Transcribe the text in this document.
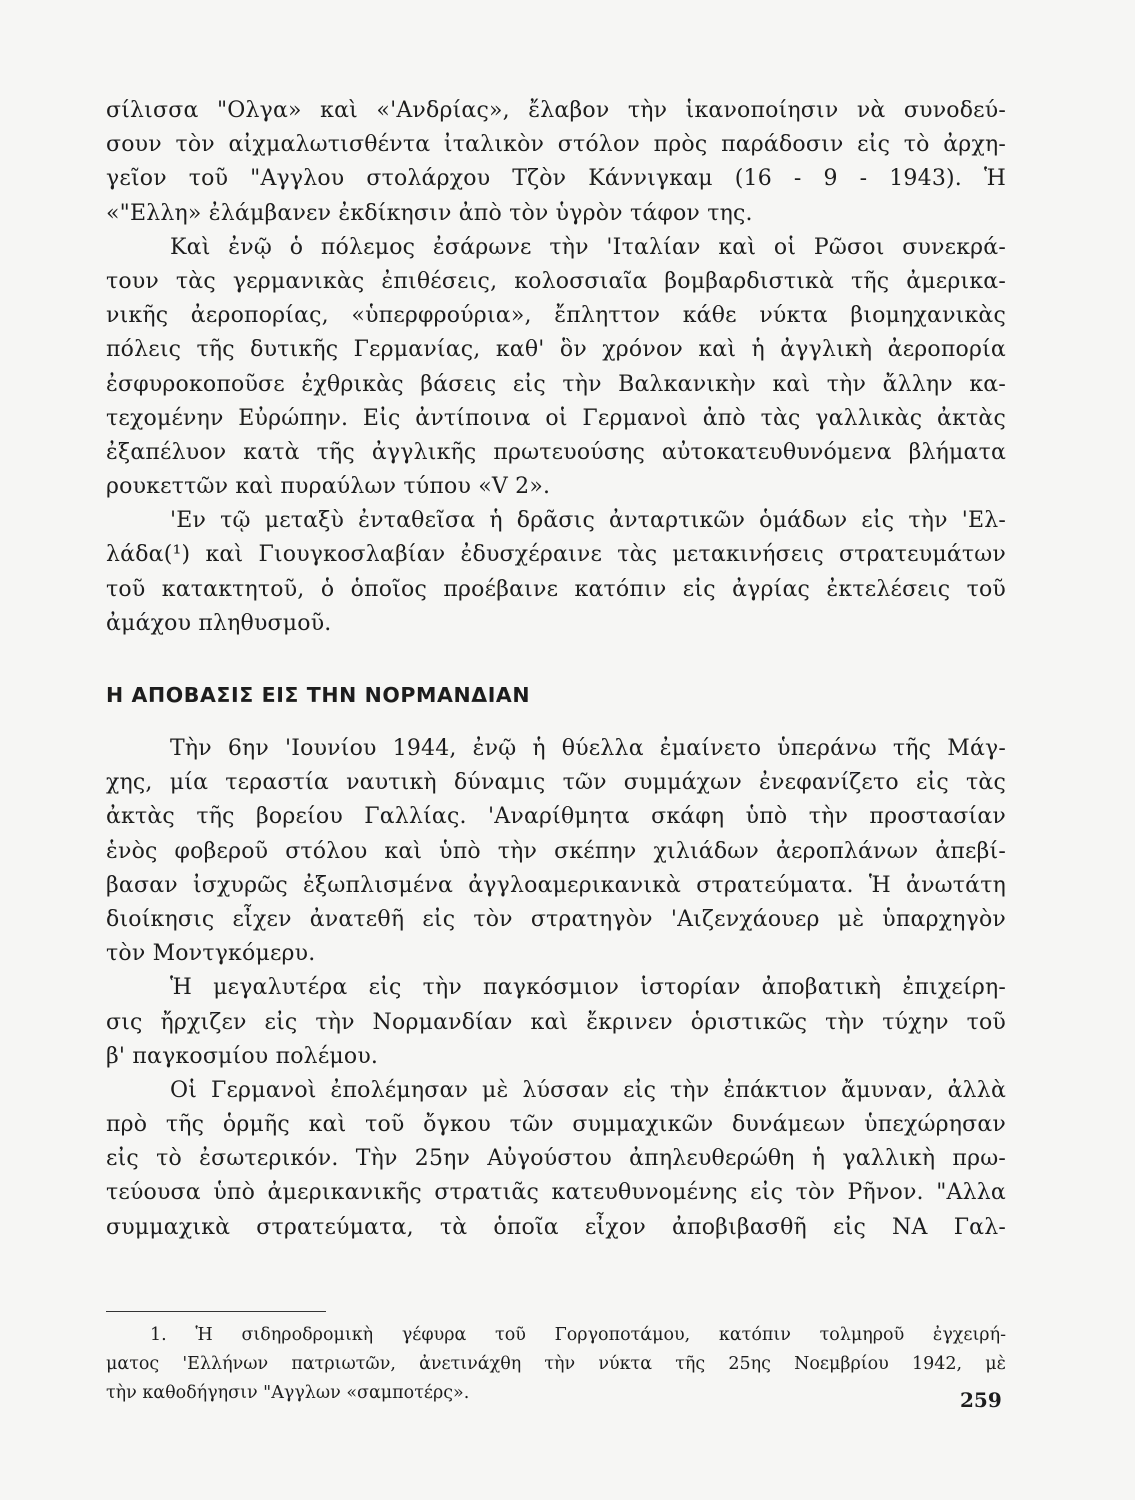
σίλισσα "Ολγα» καὶ «'Ανδρίας», ἔλαβον τὴν ἱκανοποίησιν νὰ συνοδεύ-
σουν τὸν αἰχμαλωτισθέντα ἰταλικὸν στόλον πρὸς παράδοσιν εἰς τὸ ἀρχη-
γεῖον τοῦ "Αγγλου στολάρχου Τζὸν Κάννιγκαμ (16 - 9 - 1943). Ἡ
«"Ελλη» ἐλάμβανεν ἐκδίκησιν ἀπὸ τὸν ὑγρὸν τάφον της.
Καὶ ἐνῷ ὁ πόλεμος ἐσάρωνε τὴν 'Ιταλίαν καὶ οἱ Ρῶσοι συνεκρά-
τουν τὰς γερμανικὰς ἐπιθέσεις, κολοσσιαῖα βομβαρδιστικὰ τῆς ἀμερικα-
νικῆς ἀεροπορίας, «ὑπερφρούρια», ἔπληττον κάθε νύκτα βιομηχανικὰς
πόλεις τῆς δυτικῆς Γερμανίας, καθ' ὃν χρόνον καὶ ἡ ἀγγλικὴ ἀεροπορία
ἐσφυροκοποῦσε ἐχθρικὰς βάσεις εἰς τὴν Βαλκανικὴν καὶ τὴν ἄλλην κα-
τεχομένην Εὐρώπην. Εἰς ἀντίποινα οἱ Γερμανοὶ ἀπὸ τὰς γαλλικὰς ἀκτὰς
ἐξαπέλυον κατὰ τῆς ἀγγλικῆς πρωτευούσης αὐτοκατευθυνόμενα βλήματα
ρουκεττῶν καὶ πυραύλων τύπου «V 2».
'Εν τῷ μεταξὺ ἐνταθεῖσα ἡ δρᾶσις ἀνταρτικῶν ὁμάδων εἰς τὴν 'Ελ-
λάδα(¹) καὶ Γιουγκοσλαβίαν ἐδυσχέραινε τὰς μετακινήσεις στρατευμάτων
τοῦ κατακτητοῦ, ὁ ὁποῖος προέβαινε κατόπιν εἰς ἀγρίας ἐκτελέσεις τοῦ
ἀμάχου πληθυσμοῦ.
Η ΑΠΟΒΑΣΙΣ ΕΙΣ ΤΗΝ ΝΟΡΜΑΝΔΙΑΝ
Τὴν 6ην 'Ιουνίου 1944, ἐνῷ ἡ θύελλα ἐμαίνετο ὑπεράνω τῆς Μάγ-
χης, μία τεραστία ναυτικὴ δύναμις τῶν συμμάχων ἐνεφανίζετο εἰς τὰς
ἀκτὰς τῆς βορείου Γαλλίας. 'Αναρίθμητα σκάφη ὑπὸ τὴν προστασίαν
ἑνὸς φοβεροῦ στόλου καὶ ὑπὸ τὴν σκέπην χιλιάδων ἀεροπλάνων ἀπεβί-
βασαν ἰσχυρῶς ἐξωπλισμένα ἀγγλοαμερικανικὰ στρατεύματα. Ἡ ἀνωτάτη
διοίκησις εἶχεν ἀνατεθῆ εἰς τὸν στρατηγὸν 'Αιζενχάουερ μὲ ὑπαρχηγὸν
τὸν Μοντγκόμερυ.
Ἡ μεγαλυτέρα εἰς τὴν παγκόσμιον ἱστορίαν ἀποβατικὴ ἐπιχείρη-
σις ἤρχιζεν εἰς τὴν Νορμανδίαν καὶ ἔκρινεν ὁριστικῶς τὴν τύχην τοῦ
β' παγκοσμίου πολέμου.
Οἱ Γερμανοὶ ἐπολέμησαν μὲ λύσσαν εἰς τὴν ἐπάκτιον ἄμυναν, ἀλλὰ
πρὸ τῆς ὁρμῆς καὶ τοῦ ὄγκου τῶν συμμαχικῶν δυνάμεων ὑπεχώρησαν
εἰς τὸ ἐσωτερικόν. Τὴν 25ην Αὐγούστου ἀπηλευθερώθη ἡ γαλλικὴ πρω-
τεύουσα ὑπὸ ἀμερικανικῆς στρατιᾶς κατευθυνομένης εἰς τὸν Ρῆνον. "Αλλα
συμμαχικὰ στρατεύματα, τὰ ὁποῖα εἶχον ἀποβιβασθῆ εἰς ΝΑ Γαλ-
1. Ἡ σιδηροδρομικὴ γέφυρα τοῦ Γοργοποτάμου, κατόπιν τολμηροῦ ἐγχειρή-
ματος 'Ελλήνων πατριωτῶν, ἀνετινάχθη τὴν νύκτα τῆς 25ης Νοεμβρίου 1942, μὲ
τὴν καθοδήγησιν "Αγγλων «σαμποτέρς».	259
